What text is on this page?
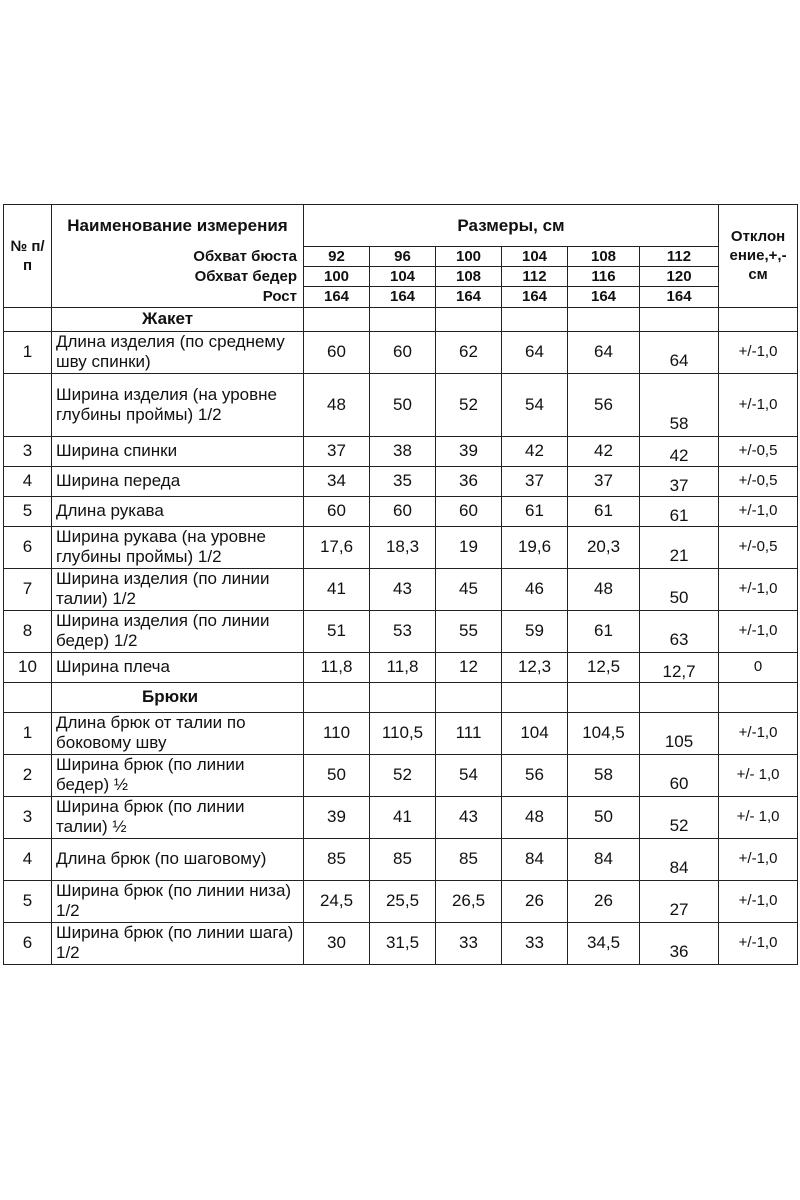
№ п/п	Наименование измерения	Размеры, см						Отклон ение,+,- см

	Обхват бюста	92	96	100	104	108	112	
	Обхват бедер	100	104	108	112	116	120	
	Рост	164	164	164	164	164	164	
	Жакет							
1	Длина изделия (по среднему шву спинки)	60	60	62	64	64	64	+/-1,0
	Ширина изделия (на уровне глубины проймы) 1/2	48	50	52	54	56	58	+/-1,0
3	Ширина спинки	37	38	39	42	42	42	+/-0,5
4	Ширина переда	34	35	36	37	37	37	+/-0,5
5	Длина рукава	60	60	60	61	61	61	+/-1,0
6	Ширина рукава (на уровне глубины проймы) 1/2	17,6	18,3	19	19,6	20,3	21	+/-0,5
7	Ширина изделия (по линии талии) 1/2	41	43	45	46	48	50	+/-1,0
8	Ширина изделия (по линии бедер) 1/2	51	53	55	59	61	63	+/-1,0
10	Ширина плеча	11,8	11,8	12	12,3	12,5	12,7	0
	Брюки							
1	Длина брюк от талии по боковому шву	110	110,5	111	104	104,5	105	+/-1,0
2	Ширина брюк (по линии бедер) ½	50	52	54	56	58	60	+/- 1,0
3	Ширина брюк (по линии талии) ½	39	41	43	48	50	52	+/- 1,0
4	Длина брюк (по шаговому)	85	85	85	84	84	84	+/-1,0
5	Ширина брюк (по линии низа) 1/2	24,5	25,5	26,5	26	26	27	+/-1,0
6	Ширина брюк (по линии шага) 1/2	30	31,5	33	33	34,5	36	+/-1,0
